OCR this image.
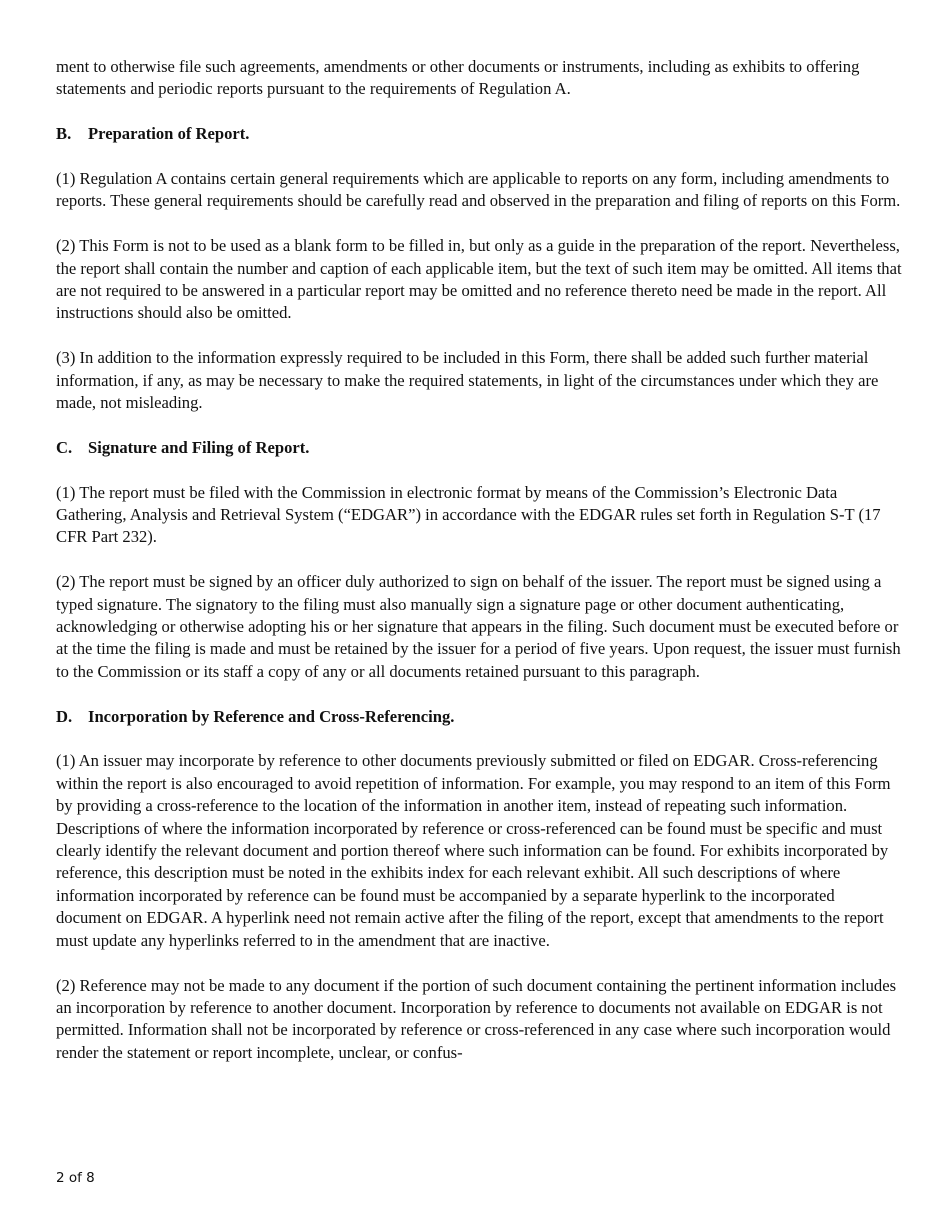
ment to otherwise file such agreements, amendments or other documents or instruments, including as exhibits to offering statements and periodic reports pursuant to the requirements of Regulation A.

B. Preparation of Report.

(1) Regulation A contains certain general requirements which are applicable to reports on any form, including amendments to reports. These general requirements should be carefully read and observed in the preparation and filing of reports on this Form.

(2) This Form is not to be used as a blank form to be filled in, but only as a guide in the preparation of the report. Nevertheless, the report shall contain the number and caption of each applicable item, but the text of such item may be omitted. All items that are not required to be answered in a particular report may be omitted and no reference thereto need be made in the report. All instructions should also be omitted.

(3) In addition to the information expressly required to be included in this Form, there shall be added such further material information, if any, as may be necessary to make the required statements, in light of the circumstances under which they are made, not misleading.

C. Signature and Filing of Report.

(1) The report must be filed with the Commission in electronic format by means of the Commission’s Electronic Data Gathering, Analysis and Retrieval System (“EDGAR”) in accordance with the EDGAR rules set forth in Regulation S-T (17 CFR Part 232).

(2) The report must be signed by an officer duly authorized to sign on behalf of the issuer. The report must be signed using a typed signature. The signatory to the filing must also manually sign a signature page or other document authenticating, acknowledging or otherwise adopting his or her signature that appears in the filing. Such document must be executed before or at the time the filing is made and must be retained by the issuer for a period of five years. Upon request, the issuer must furnish to the Commission or its staff a copy of any or all documents retained pursuant to this paragraph.

D. Incorporation by Reference and Cross-Referencing.

(1) An issuer may incorporate by reference to other documents previously submitted or filed on EDGAR. Cross-referencing within the report is also encouraged to avoid repetition of information. For example, you may respond to an item of this Form by providing a cross-reference to the location of the information in another item, instead of repeating such information. Descriptions of where the information incorporated by reference or cross-referenced can be found must be specific and must clearly identify the relevant document and portion thereof where such information can be found. For exhibits incorporated by reference, this description must be noted in the exhibits index for each relevant exhibit. All such descriptions of where information incorporated by reference can be found must be accompanied by a separate hyperlink to the incorporated document on EDGAR. A hyperlink need not remain active after the filing of the report, except that amendments to the report must update any hyperlinks referred to in the amendment that are inactive.

(2) Reference may not be made to any document if the portion of such document containing the pertinent information includes an incorporation by reference to another document. Incorporation by reference to documents not available on EDGAR is not permitted. Information shall not be incorporated by reference or cross-referenced in any case where such incorporation would render the statement or report incomplete, unclear, or confus-

2 of 8
